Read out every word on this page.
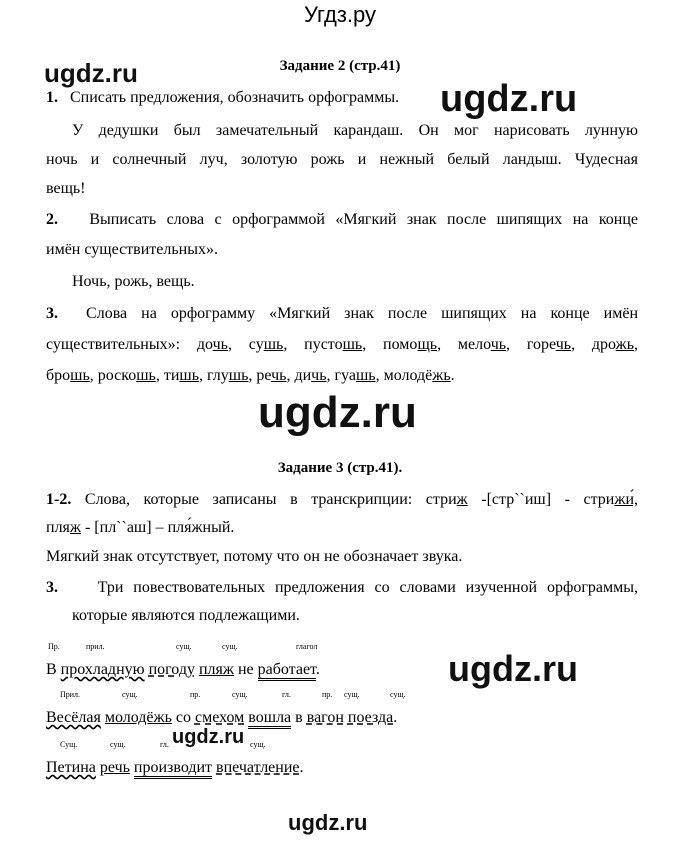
Угдз.ру
ugdz.ru
ugdz.ru
ugdz.ru
ugdz.ru
ugdz.ru
ugdz.ru
Задание 2 (стр.41)
1. Списать предложения, обозначить орфограммы.
У дедушки был замечательный карандаш. Он мог нарисовать лунную
ночь и солнечный луч, золотую рожь и нежный белый ландыш. Чудесная
вещь!
2. Выписать слова с орфограммой «Мягкий знак после шипящих на конце
имён существительных».
Ночь, рожь, вещь.
3. Слова на орфограмму «Мягкий знак после шипящих на конце имён
существительных»: дочь, сушь, пустошь, помощь, мелочь, горечь, дрожь,
брошь, роскошь, тишь, глушь, речь, дичь, гуашь, молодёжь.
Задание 3 (стр.41).
1-2. Слова, которые записаны в транскрипции: стриж -[стр``иш] - стрижи́,
пляж - [пл``аш] – пля́жный.
Мягкий знак отсутствует, потому что он не обозначает звука.
3. Три повествовательных предложения со словами изученной орфограммы,
которые являются подлежащими.
Пр.	прил.	сущ.	сущ.	глагол
В прохладную погоду пляж не работает.
Прил.	сущ.	пр.	сущ.	гл.	пр. сущ.	сущ.
Весёлая молодёжь со смехом вошла в вагон поезда.
Сущ.	сущ.	гл.	сущ.
Петина речь производит впечатление.
